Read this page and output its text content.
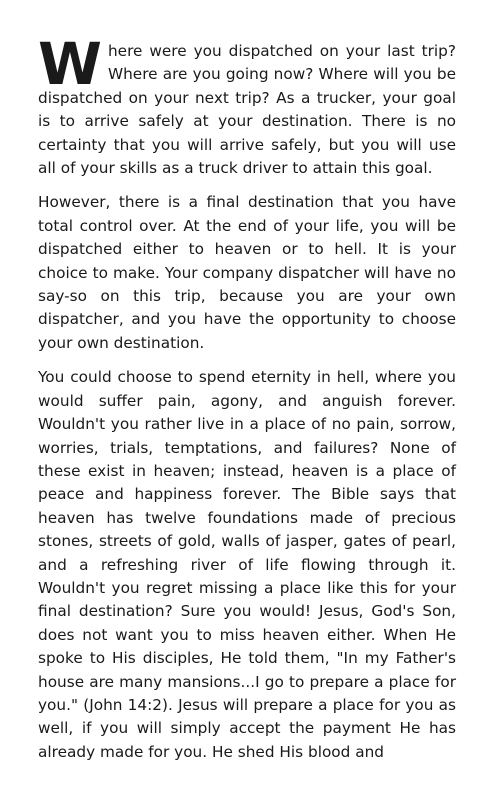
Where were you dispatched on your last trip? Where are you going now? Where will you be dispatched on your next trip? As a trucker, your goal is to arrive safely at your destination. There is no certainty that you will arrive safely, but you will use all of your skills as a truck driver to attain this goal.

However, there is a final destination that you have total control over. At the end of your life, you will be dispatched either to heaven or to hell. It is your choice to make. Your company dispatcher will have no say-so on this trip, because you are your own dispatcher, and you have the opportunity to choose your own destination.

You could choose to spend eternity in hell, where you would suffer pain, agony, and anguish forever. Wouldn't you rather live in a place of no pain, sorrow, worries, trials, temptations, and failures? None of these exist in heaven; instead, heaven is a place of peace and happiness forever. The Bible says that heaven has twelve foundations made of precious stones, streets of gold, walls of jasper, gates of pearl, and a refreshing river of life flowing through it. Wouldn't you regret missing a place like this for your final destination? Sure you would! Jesus, God's Son, does not want you to miss heaven either. When He spoke to His disciples, He told them, "In my Father's house are many mansions...I go to prepare a place for you." (John 14:2). Jesus will prepare a place for you as well, if you will simply accept the payment He has already made for you. He shed His blood and
